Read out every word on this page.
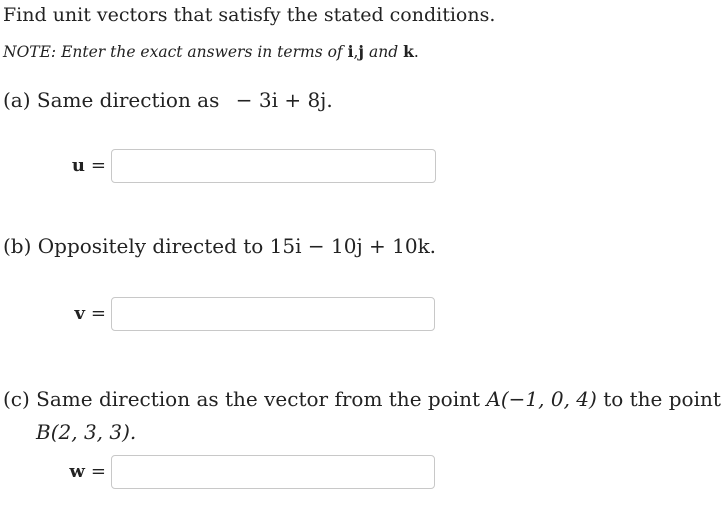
Find unit vectors that satisfy the stated conditions.
NOTE: Enter the exact answers in terms of i,j and k.
(a) Same direction as − 3i + 8j.
u =
(b) Oppositely directed to 15i − 10j + 10k.
v =
(c) Same direction as the vector from the point A(−1, 0, 4) to the point
B(2, 3, 3).
w =
